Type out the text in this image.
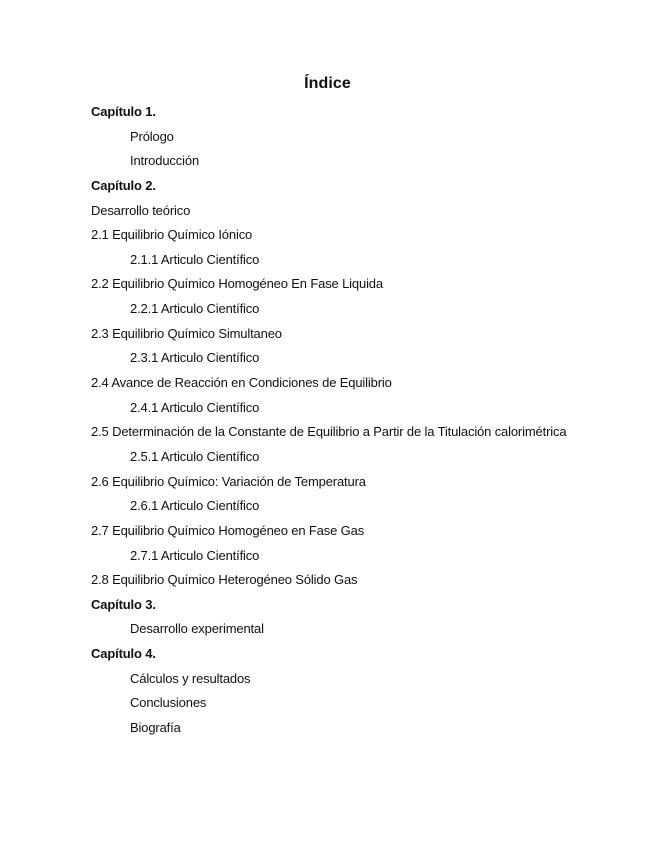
Índice
Capítulo 1.
Prólogo
Introducción
Capítulo 2.
Desarrollo teórico
2.1 Equilibrio Químico Iónico
2.1.1 Articulo Científico
2.2 Equilibrio Químico Homogéneo En Fase Liquida
2.2.1 Articulo Científico
2.3 Equilibrio Químico Simultaneo
2.3.1 Articulo Científico
2.4 Avance de Reacción en Condiciones de Equilibrio
2.4.1 Articulo Científico
2.5 Determinación de la Constante de Equilibrio a Partir de la Titulación calorimétrica
2.5.1 Articulo Científico
2.6 Equilibrio Químico: Variación de Temperatura
2.6.1 Articulo Científico
2.7 Equilibrio Químico Homogéneo en Fase Gas
2.7.1 Articulo Científico
2.8 Equilibrio Químico Heterogéneo Sólido Gas
Capítulo 3.
Desarrollo experimental
Capítulo 4.
Cálculos y resultados
Conclusiones
Biografía
